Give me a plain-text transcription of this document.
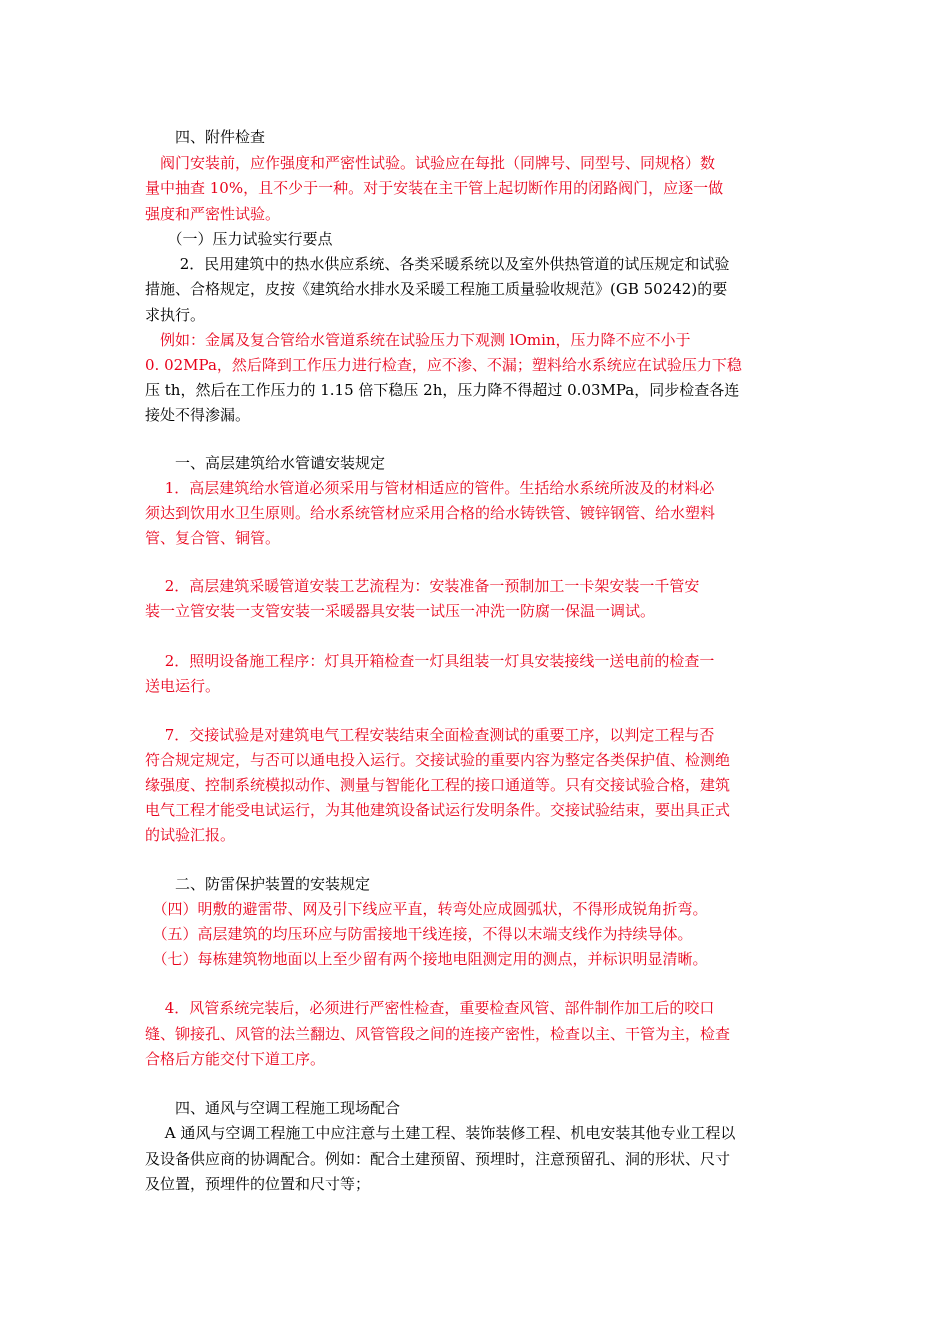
　　四、附件检查
　阀门安装前，应作强度和严密性试验。试验应在每批（同牌号、同型号、同规格）数
量中抽查 10%，且不少于一种。对于安装在主干管上起切断作用的闭路阀门，应逐一做
强度和严密性试验。
　　（一）压力试验实行要点
　　 2．民用建筑中的热水供应系统、各类采暖系统以及室外供热管道的试压规定和试验
措施、合格规定，皮按《建筑给水排水及采暖工程施工质量验收规范》(GB 50242)的要
求执行。
　例如：金属及复合管给水管道系统在试验压力下观测 lOmin，压力降不应不小于
0. 02MPa，然后降到工作压力进行检查，应不渗、不漏；塑料给水系统应在试验压力下稳
压 th，然后在工作压力的 1.15 倍下稳压 2h，压力降不得超过 0.03MPa，同步检查各连
接处不得渗漏。
　　一、高层建筑给水管谴安装规定
　 1．高层建筑给水管道必须采用与管材相适应的管件。生括给水系统所波及的材料必
须达到饮用水卫生原则。给水系统管材应采用合格的给水铸铁管、镀锌钢管、给水塑料
管、复合管、铜管。
　 2．高层建筑采暖管道安装工艺流程为：安装准备一预制加工一卡架安装一千管安
装一立管安装一支管安装一采暖器具安装一试压一冲洗一防腐一保温一调试。
　 2．照明设备施工程序：灯具开箱检查一灯具组装一灯具安装接线一送电前的检查一
送电运行。
　 7．交接试验是对建筑电气工程安装结束全面检查测试的重要工序，以判定工程与否
符合规定规定，与否可以通电投入运行。交接试验的重要内容为整定各类保护值、检测绝
缘强度、控制系统模拟动作、测量与智能化工程的接口通道等。只有交接试验合格，建筑
电气工程才能受电试运行，为其他建筑设备试运行发明条件。交接试验结束，要出具正式
的试验汇报。
　　二、防雷保护装置的安装规定
　（四）明敷的避雷带、网及引下线应平直，转弯处应成圆弧状，不得形成锐角折弯。
　（五）高层建筑的均压环应与防雷接地干线连接，不得以末端支线作为持续导体。
　（七）每栋建筑物地面以上至少留有两个接地电阻测定用的测点，并标识明显清晰。
　 4．风管系统完装后，必须进行严密性检查，重要检查风管、部件制作加工后的咬口
缝、铆接孔、风管的法兰翻边、风管管段之间的连接产密性，检查以主、干管为主，检查
合格后方能交付下道工序。
　　四、通风与空调工程施工现场配合
　 A 通风与空调工程施工中应注意与土建工程、装饰装修工程、机电安装其他专业工程以
及设备供应商的协调配合。例如：配合土建预留、预埋时，注意预留孔、洞的形状、尺寸
及位置，预埋件的位置和尺寸等；
